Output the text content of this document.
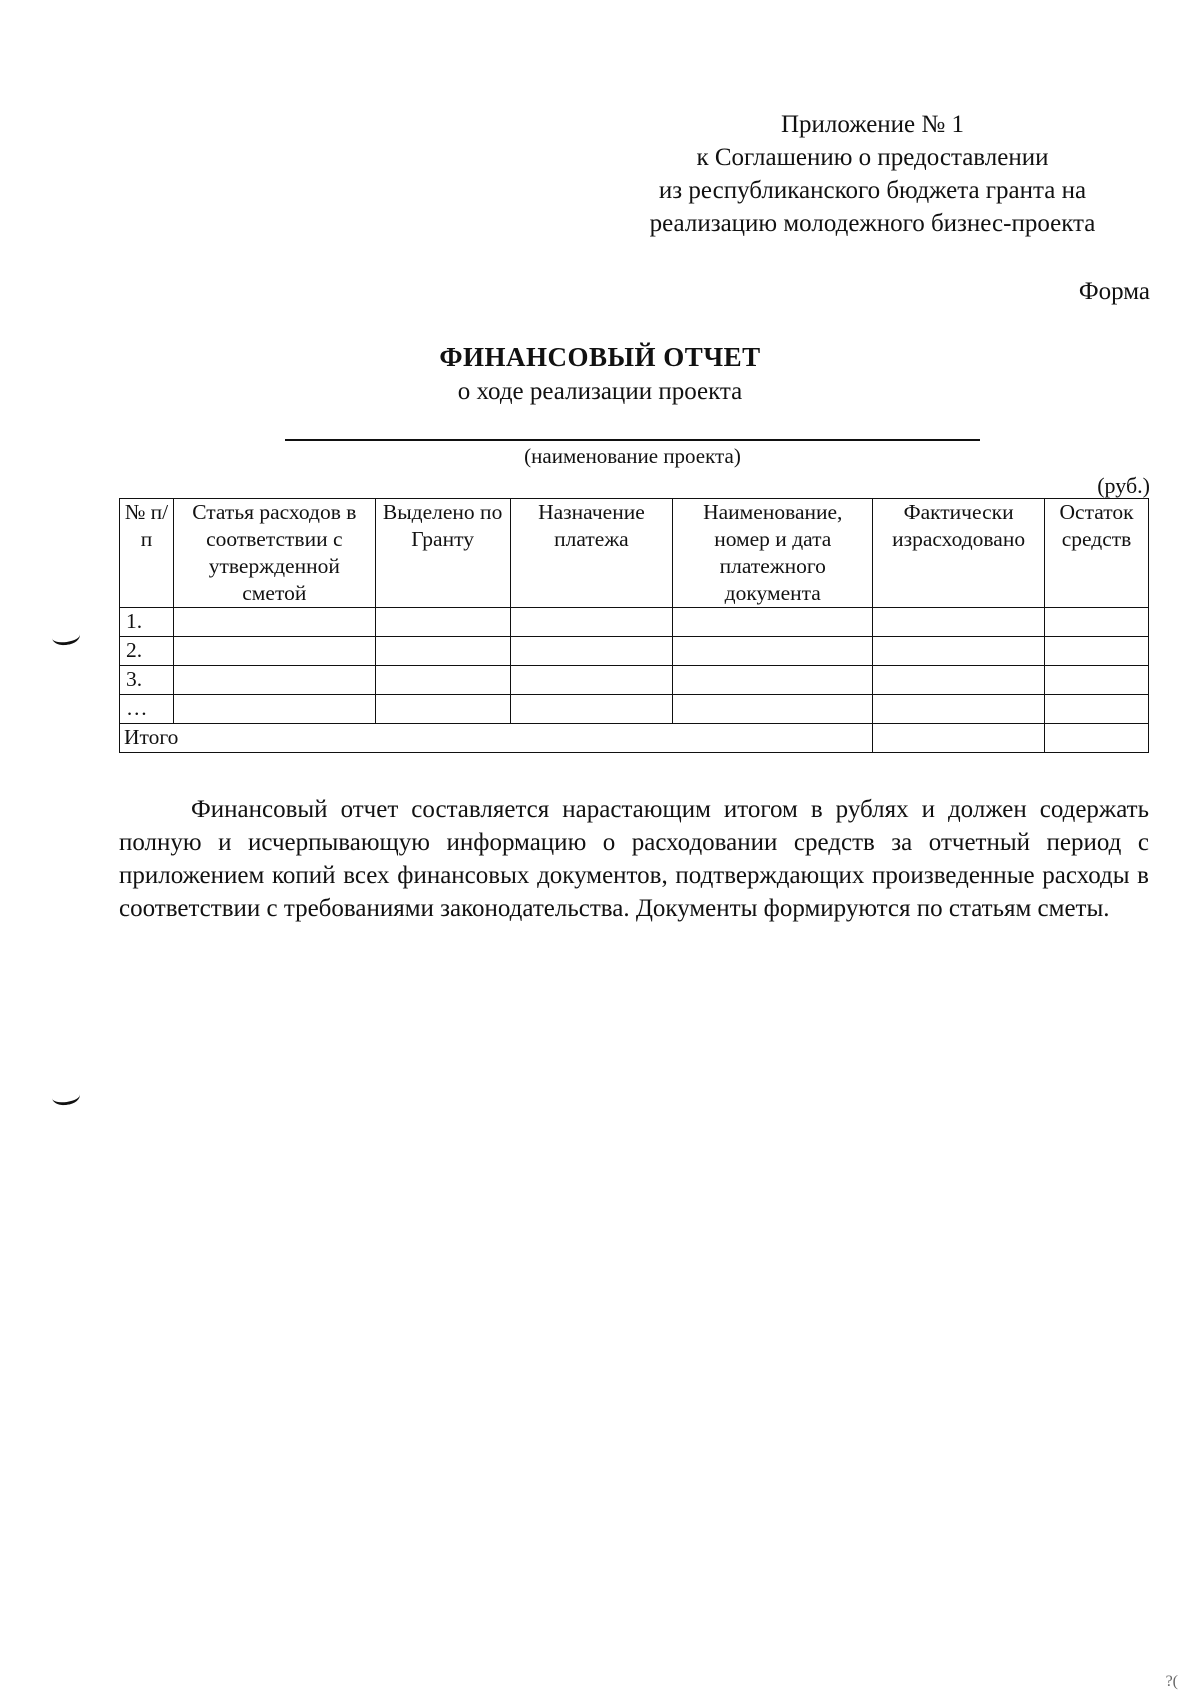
Приложение № 1
к Соглашению о предоставлении
из республиканского бюджета гранта на
реализацию молодежного бизнес-проекта
Форма
ФИНАНСОВЫЙ ОТЧЕТ
о ходе реализации проекта
(наименование проекта)
(руб.)
№ п/п	Статья расходов в соответствии с утвержденной сметой	Выделено по Гранту	Назначение платежа	Наименование, номер и дата платежного документа	Фактически израсходовано	Остаток средств
1.						
2.						
3.						
…						
Итого						
Финансовый отчет составляется нарастающим итогом в рублях и должен содержать полную и исчерпывающую информацию о расходовании средств за отчетный период с приложением копий всех финансовых документов, подтверждающих произведенные расходы в соответствии с требованиями законодательства. Документы формируются по статьям сметы.
?(
